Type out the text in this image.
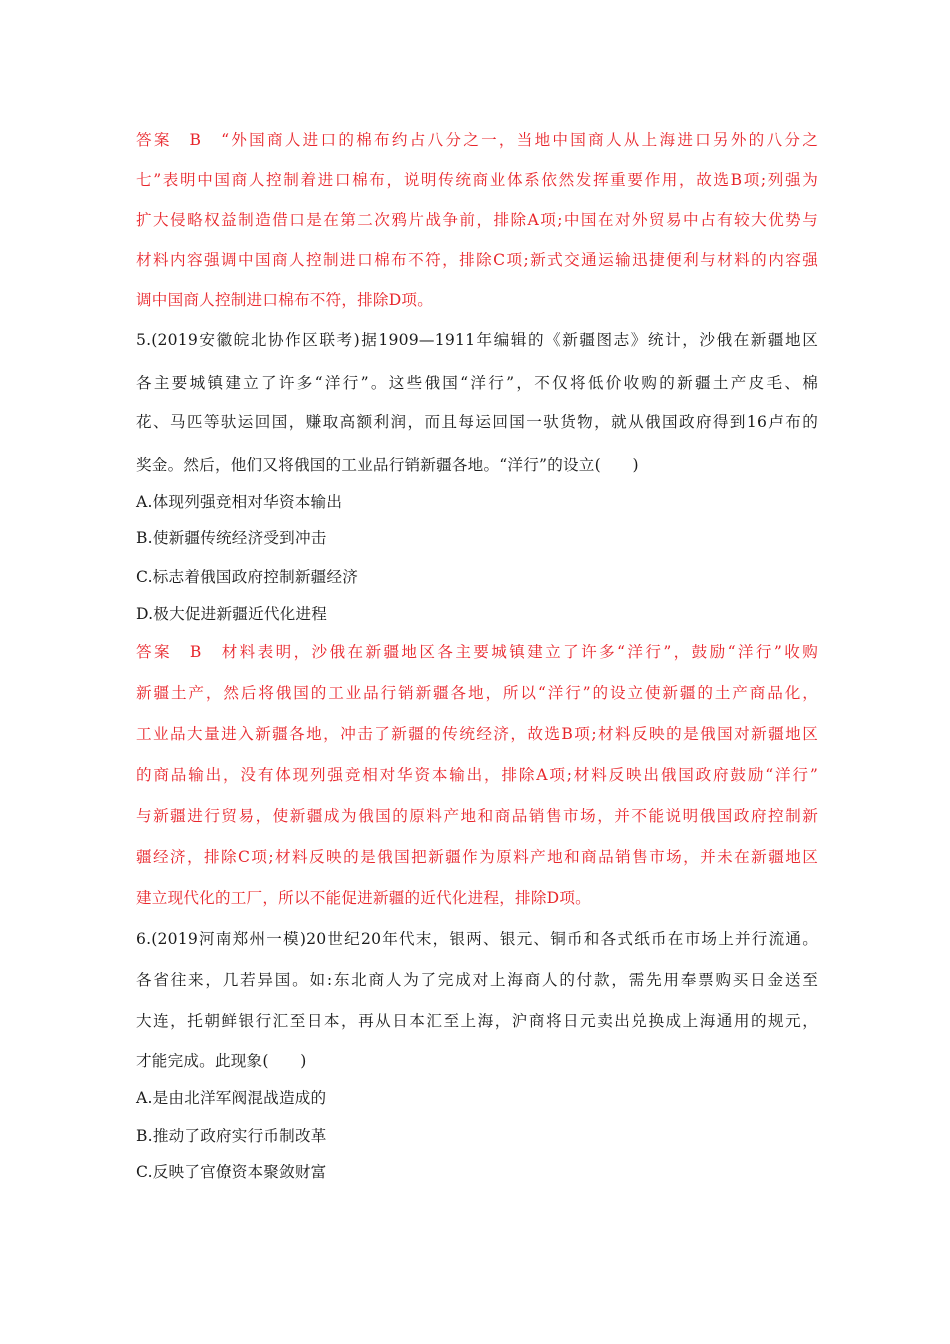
答案　B　“外国商人进口的棉布约占八分之一，当地中国商人从上海进口另外的八分之
七”表明中国商人控制着进口棉布，说明传统商业体系依然发挥重要作用，故选B项;列强为
扩大侵略权益制造借口是在第二次鸦片战争前，排除A项;中国在对外贸易中占有较大优势与
材料内容强调中国商人控制进口棉布不符，排除C项;新式交通运输迅捷便利与材料的内容强
调中国商人控制进口棉布不符，排除D项。
5.(2019安徽皖北协作区联考)据1909—1911年编辑的《新疆图志》统计，沙俄在新疆地区
各主要城镇建立了许多“洋行”。这些俄国“洋行”，不仅将低价收购的新疆土产皮毛、棉
花、马匹等驮运回国，赚取高额利润，而且每运回国一驮货物，就从俄国政府得到16卢布的
奖金。然后，他们又将俄国的工业品行销新疆各地。“洋行”的设立(　　)
A.体现列强竞相对华资本输出
B.使新疆传统经济受到冲击
C.标志着俄国政府控制新疆经济
D.极大促进新疆近代化进程
答案　B　材料表明，沙俄在新疆地区各主要城镇建立了许多“洋行”，鼓励“洋行”收购
新疆土产，然后将俄国的工业品行销新疆各地，所以“洋行”的设立使新疆的土产商品化，
工业品大量进入新疆各地，冲击了新疆的传统经济，故选B项;材料反映的是俄国对新疆地区
的商品输出，没有体现列强竞相对华资本输出，排除A项;材料反映出俄国政府鼓励“洋行”
与新疆进行贸易，使新疆成为俄国的原料产地和商品销售市场，并不能说明俄国政府控制新
疆经济，排除C项;材料反映的是俄国把新疆作为原料产地和商品销售市场，并未在新疆地区
建立现代化的工厂，所以不能促进新疆的近代化进程，排除D项。
6.(2019河南郑州一模)20世纪20年代末，银两、银元、铜币和各式纸币在市场上并行流通。
各省往来，几若异国。如:东北商人为了完成对上海商人的付款，需先用奉票购买日金送至
大连，托朝鲜银行汇至日本，再从日本汇至上海，沪商将日元卖出兑换成上海通用的规元，
才能完成。此现象(　　)
A.是由北洋军阀混战造成的
B.推动了政府实行币制改革
C.反映了官僚资本聚敛财富
